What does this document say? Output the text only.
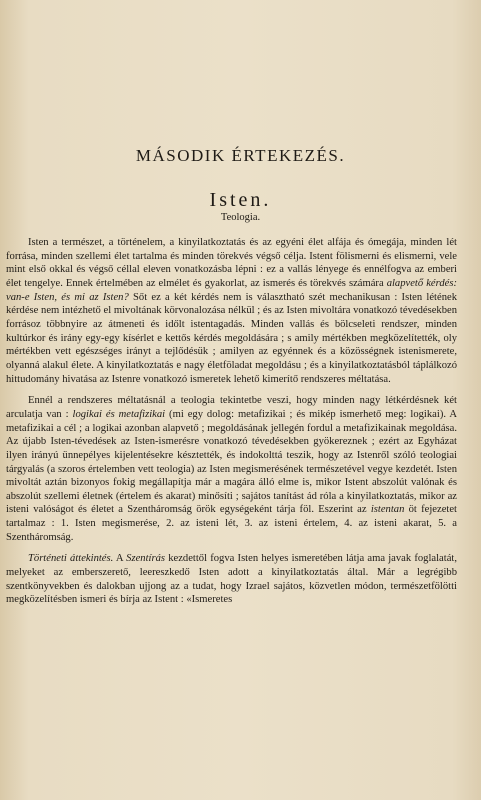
MÁSODIK ÉRTEKEZÉS.
Isten.
Teologia.

Isten a természet, a történelem, a kinyilatkoztatás és az egyéni élet alfája és ómegája, minden lét forrása, minden szellemi élet tartalma és minden törekvés végső célja. Istent fölismerni és elismerni, vele mint első okkal és végső céllal eleven vonatkozásba lépni : ez a vallás lényege és ennélfogva az emberi élet tengelye. Ennek értelmében az elmélet és gyakorlat, az ismerés és törekvés számára alapvető kérdés: van-e Isten, és mi az Isten? Sőt ez a két kérdés nem is választható szét mechanikusan : Isten létének kérdése nem intézhető el mivoltának körvonalozása nélkül ; és az Isten mivoltára vonatkozó tévedésekben forrásoz többnyire az átmeneti és időlt istentagadás. Minden vallás és bölcseleti rendszer, minden kultúrkor és irány egy-egy kísérlet e kettős kérdés megoldására ; s amily mértékben megközelítették, oly mértékben vett egészséges irányt a tejlődésük ; amilyen az egyénnek és a közösségnek istenismerete, olyanná alakul élete. A kinyilatkoztatás e nagy életföladat megoldásu ; és a kinyilatkoztatásból táplálkozó hittudomány hivatása az Istenre vonatkozó ismeretek lehető kimerítő rendszeres méltatása.

Ennél a rendszeres méltatásnál a teologia tekintetbe veszi, hogy minden nagy létkérdésnek két arculatja van : logikai és metafizikai (mi egy dolog: metafizikai ; és mikép ismerhető meg: logikai). A metafizikai a cél ; a logikai azonban alapvető ; megoldásának jellegén fordul a metafizikainak megoldása. Az újabb Isten-tévedések az Isten-ismerésre vonatkozó tévedésekben gyökereznek ; ezért az Egyházat ilyen irányú ünnepélyes kijelentésekre késztették, és indokolttá teszik, hogy az Istenről szóló teologiai tárgyalás (a szoros értelemben vett teologia) az Isten megismerésének természetével vegye kezdetét. Isten mivoltát aztán bizonyos fokig megállapítja már a magára álló elme is, mikor Istent abszolút valónak és abszolút szellemi életnek (értelem és akarat) minősíti ; sajátos tanítást ád róla a kinyilatkoztatás, mikor az isteni valóságot és életet a Szentháromság örök egységeként tárja föl. Eszerint az istentan öt fejezetet tartalmaz : 1. Isten megismerése, 2. az isteni lét, 3. az isteni értelem, 4. az isteni akarat, 5. a Szentháromság.

Történeti áttekintés. A Szentírás kezdettől fogva Isten helyes ismeretében látja ama javak foglalatát, melyeket az emberszerető, leereszkedő Isten adott a kinyilatkoztatás által. Már a legrégibb szentkönyvekben és dalokban ujjong az a tudat, hogy Izrael sajátos, közvetlen módon, természetfölötti megközelítésben ismeri és bírja az Istent : «Ismeretes
